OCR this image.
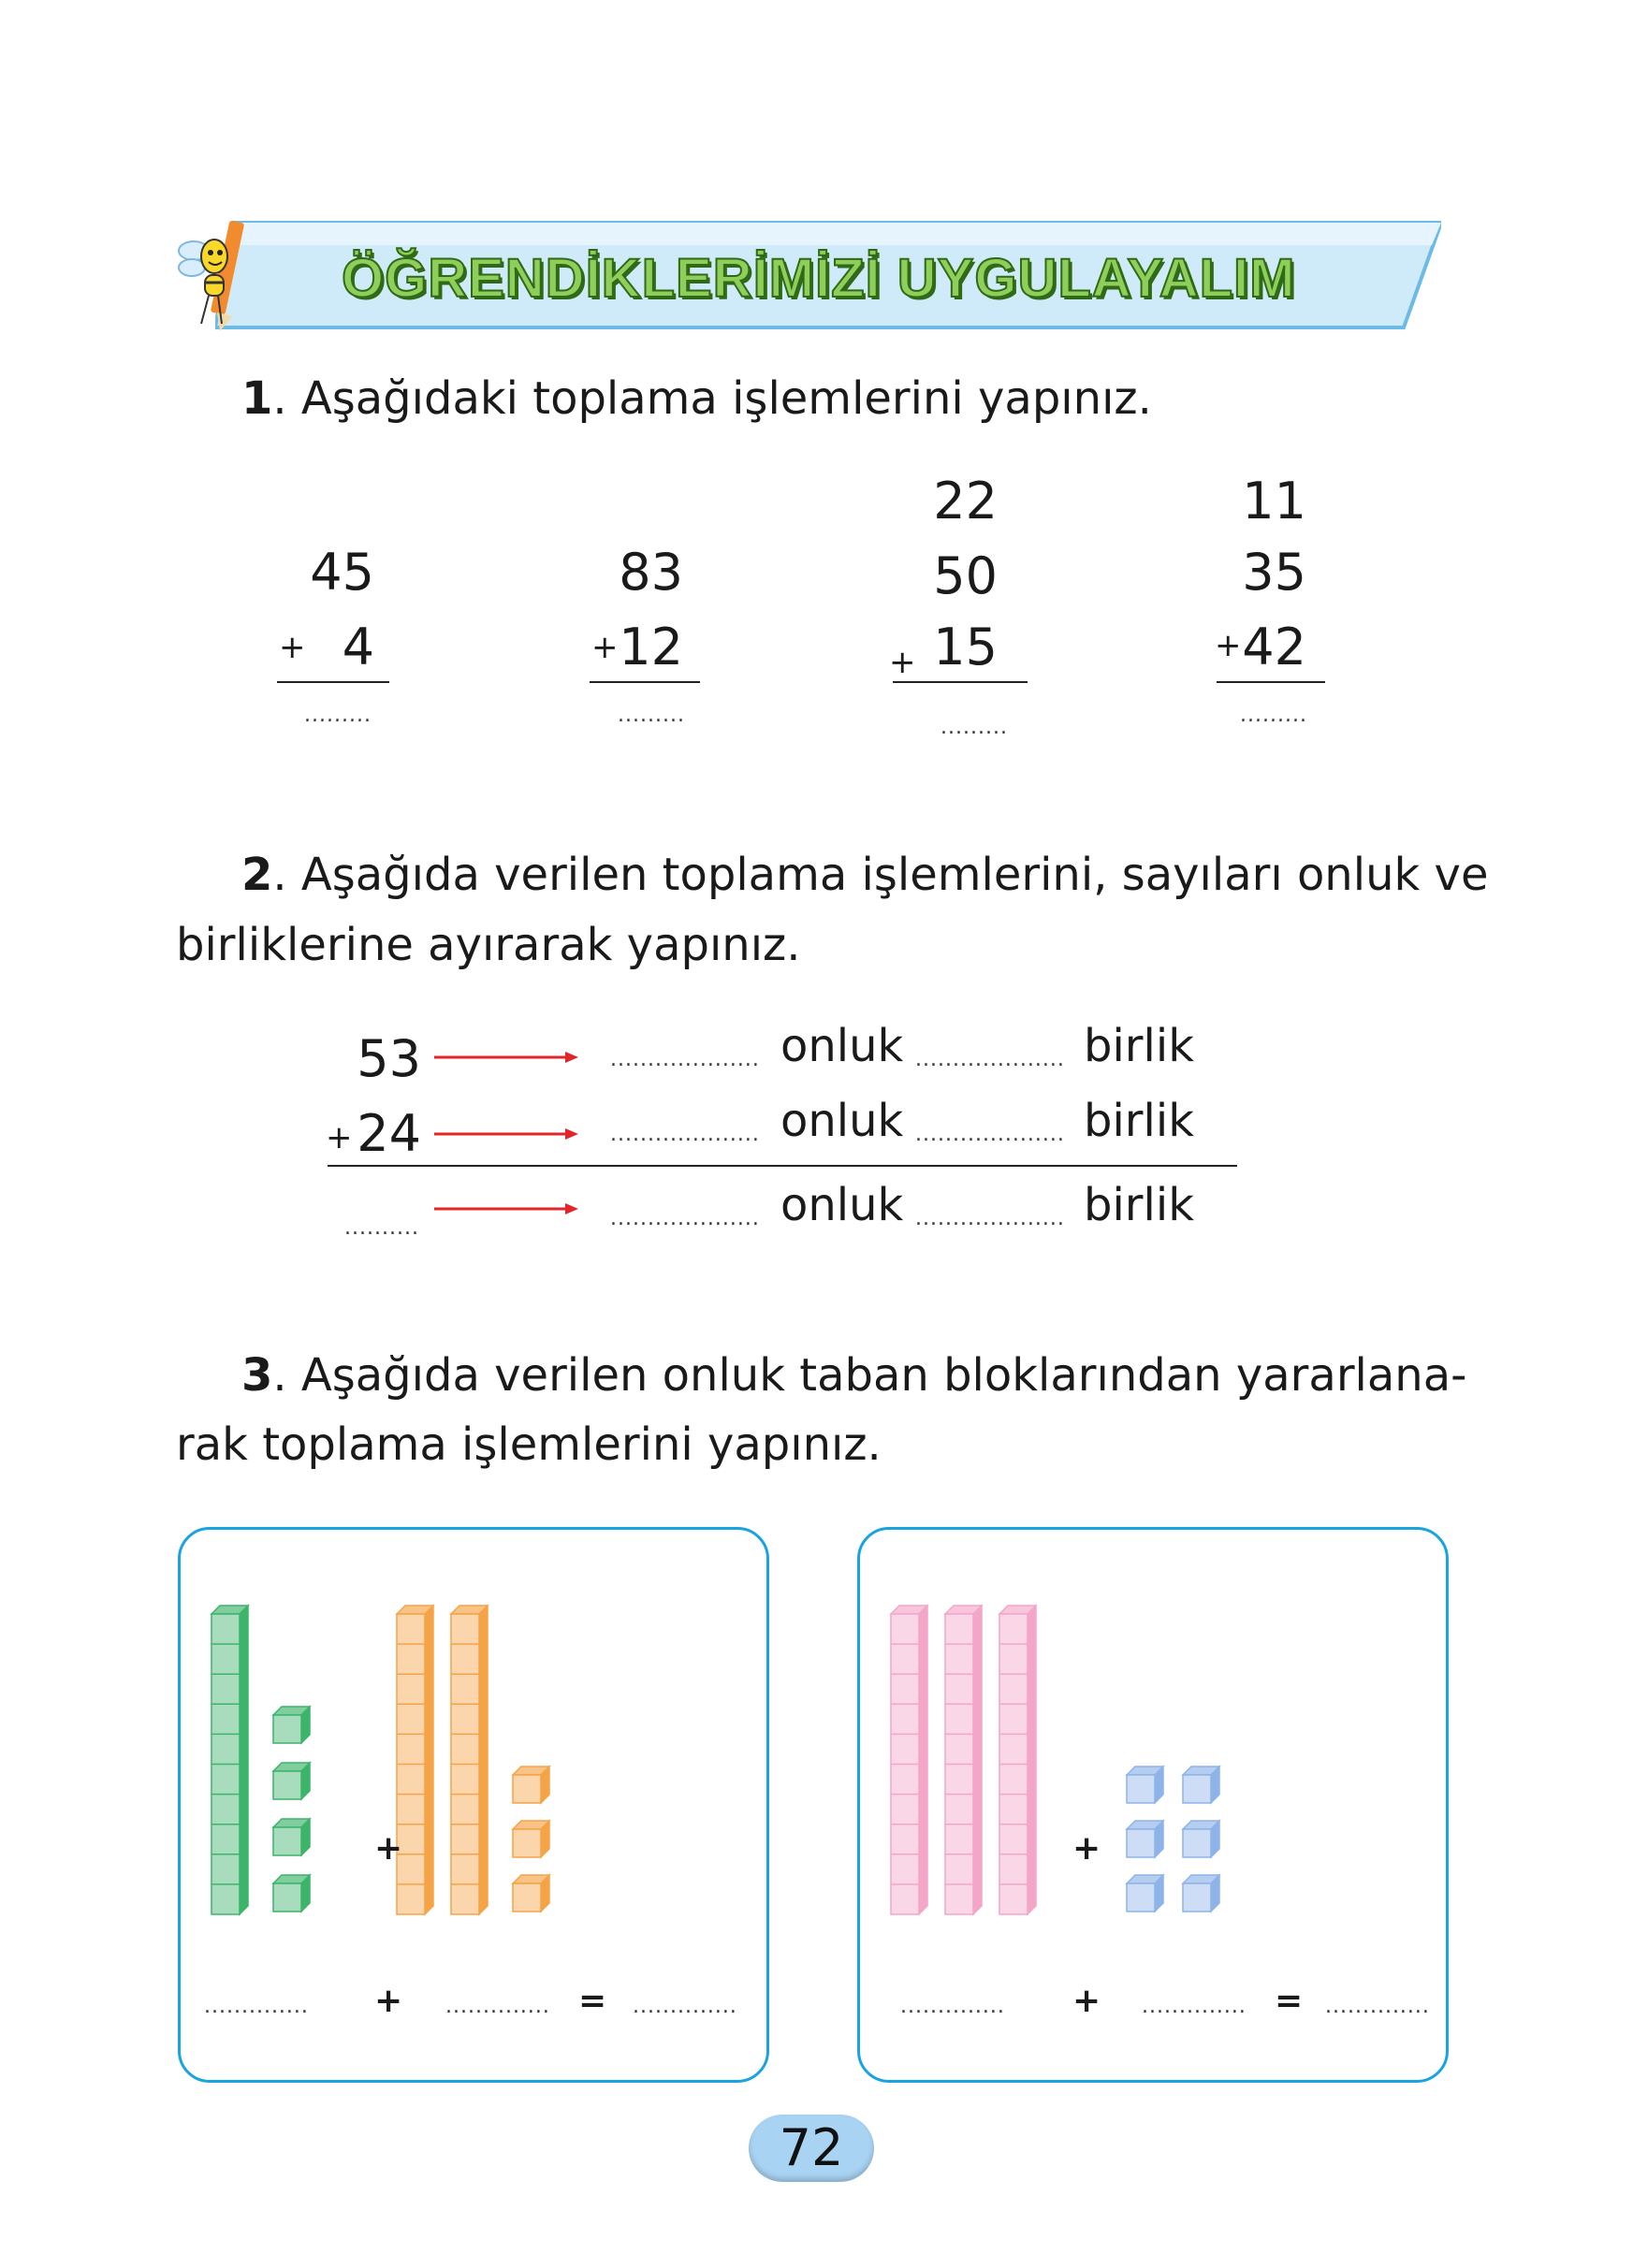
ÖĞRENDİKLERİMİZİ UYGULAYALIM
1. Aşağıdaki toplama işlemlerini yapınız.
45
+ 4
.........
83
+ 12
.........
22
50
+ 15
.........
11
35
+ 42
.........
2. Aşağıda verilen toplama işlemlerini, sayıları onluk ve
birliklerine ayırarak yapınız.
53
+ 24
..........
.................... onluk .................... birlik
.................... onluk .................... birlik
.................... onluk .................... birlik
3. Aşağıda verilen onluk taban bloklarından yararlana-
rak toplama işlemlerini yapınız.
+
.............. + .............. = ..............
+
.............. + .............. = ..............
72
